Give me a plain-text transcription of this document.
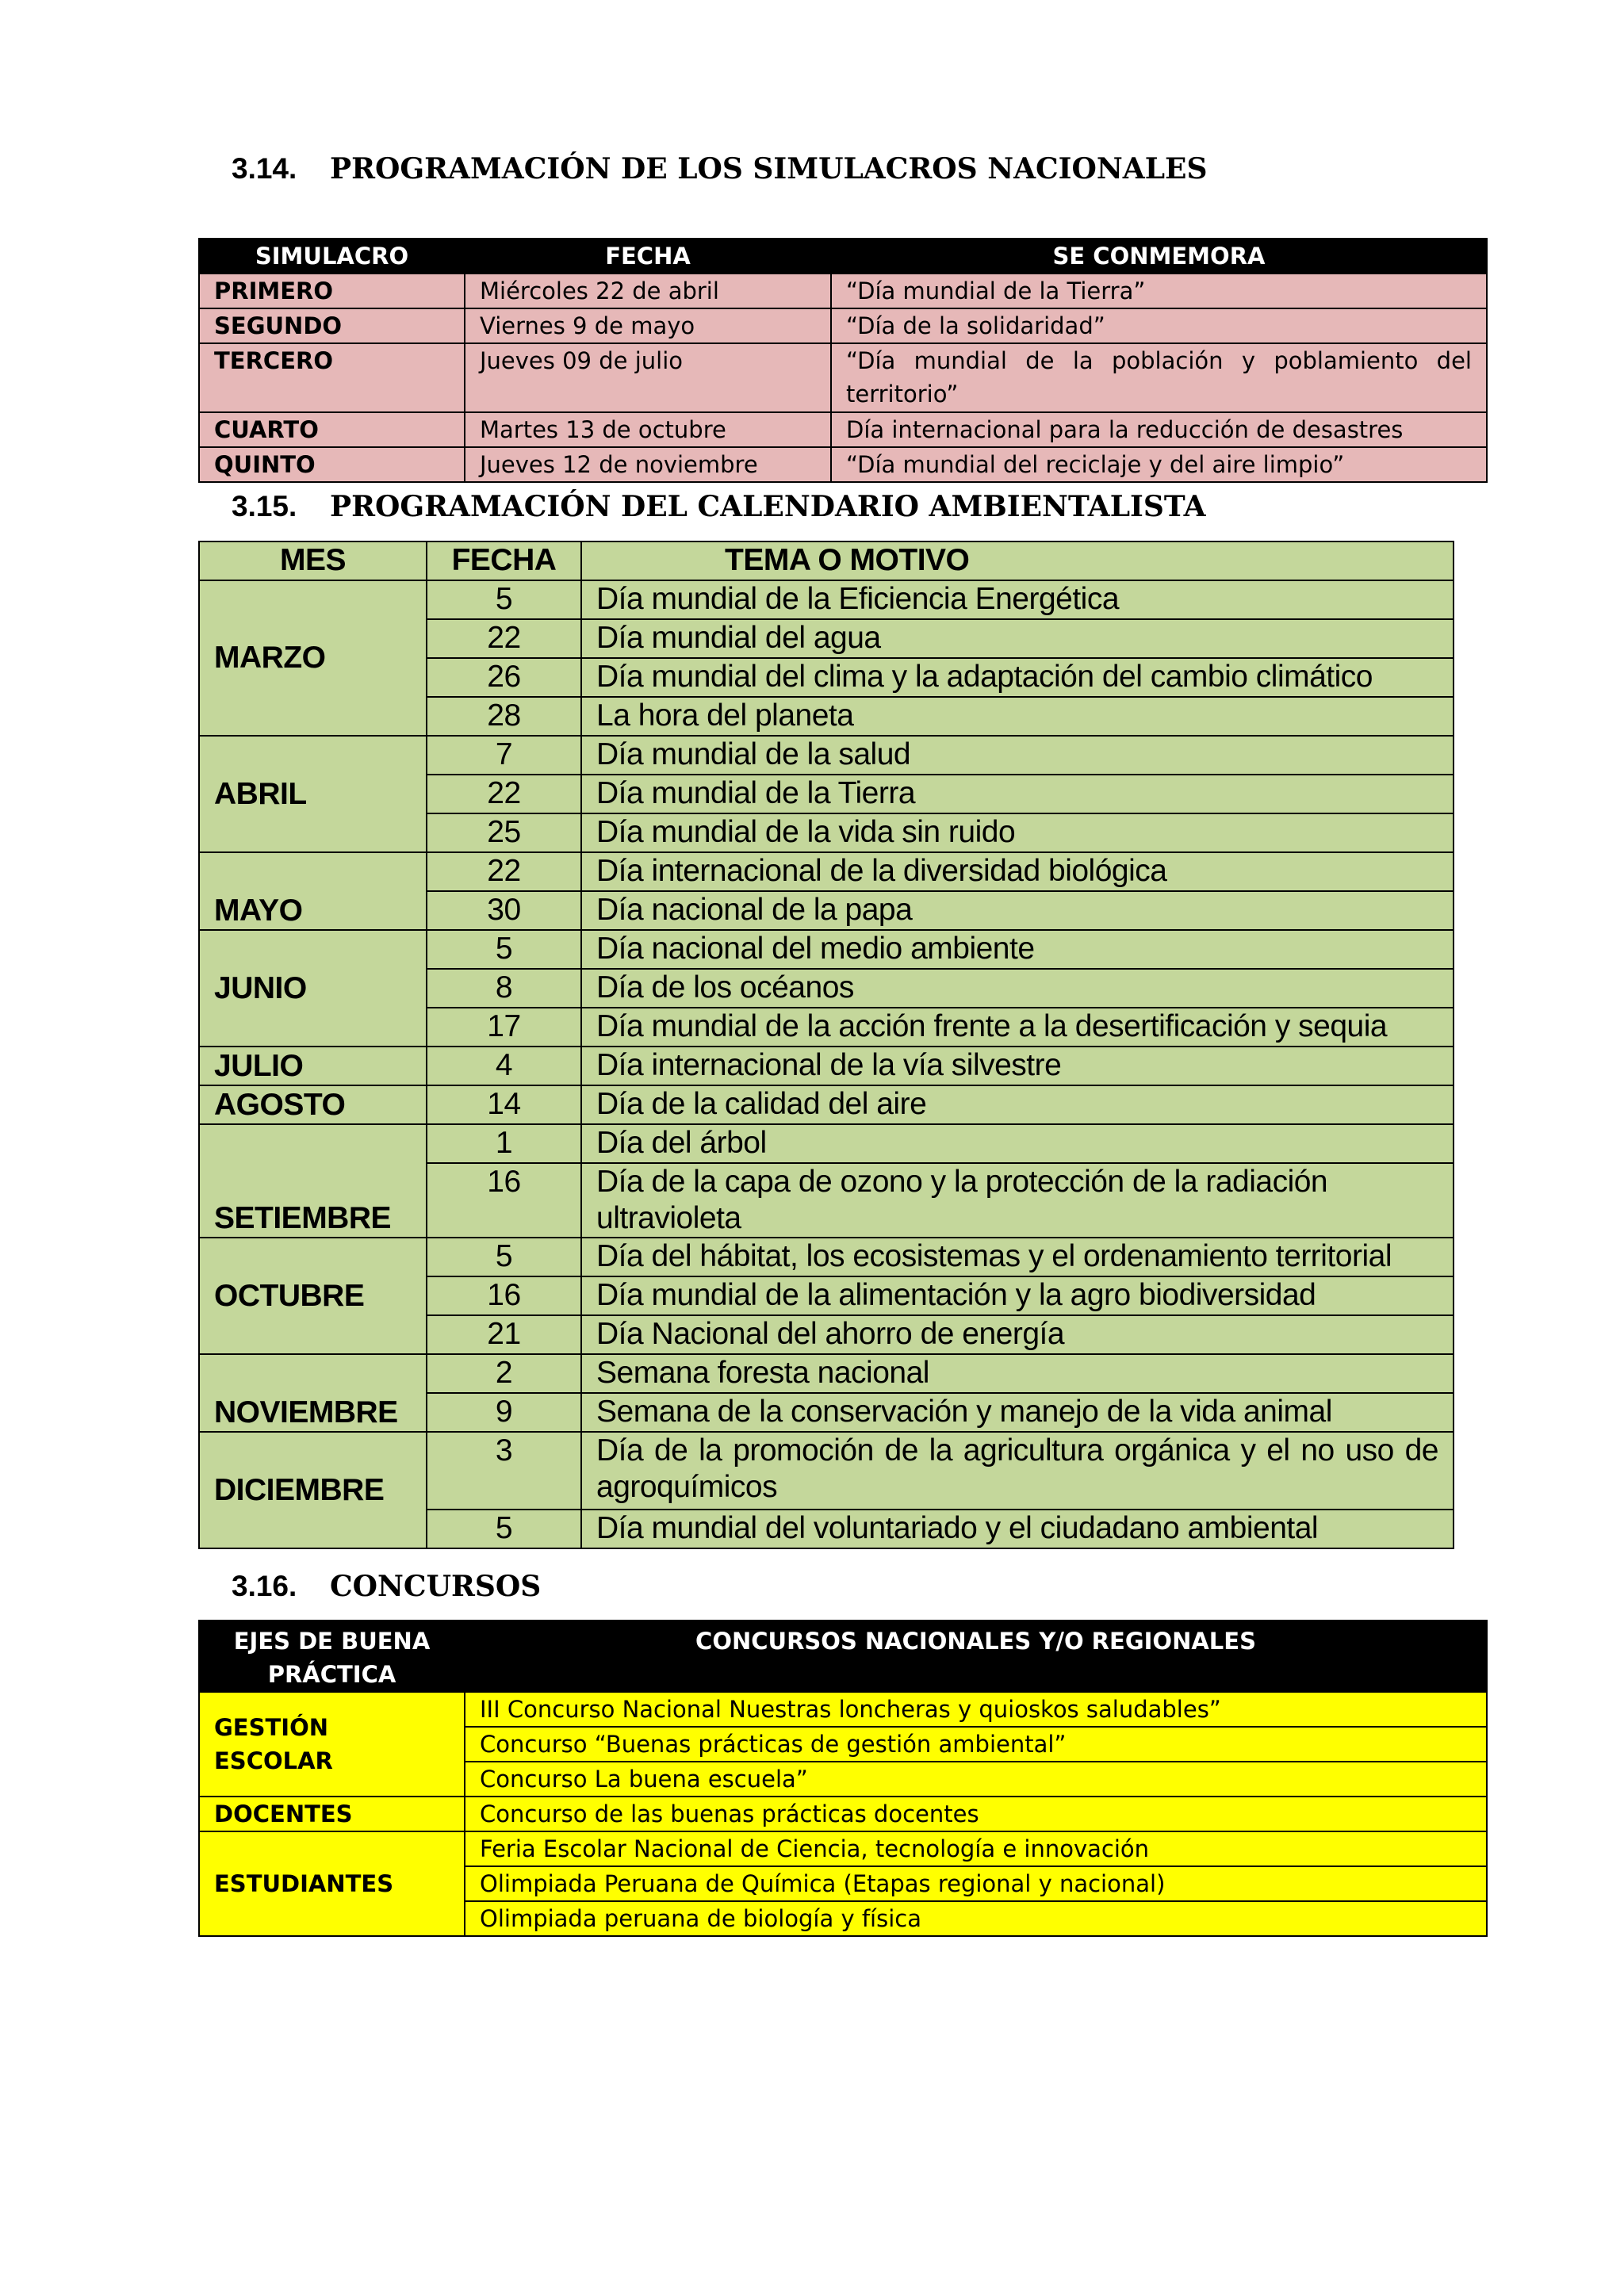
3.14. PROGRAMACIÓN DE LOS SIMULACROS NACIONALES
SIMULACRO	FECHA	SE CONMEMORA
PRIMERO	Miércoles 22 de abril	“Día mundial de la Tierra”
SEGUNDO	Viernes 9 de mayo	“Día de la solidaridad”
TERCERO	Jueves 09 de julio	“Día mundial de la población y poblamiento del territorio”
CUARTO	Martes 13 de octubre	Día internacional para la reducción de desastres
QUINTO	Jueves 12 de noviembre	“Día mundial del reciclaje y del aire limpio”
3.15. PROGRAMACIÓN DEL CALENDARIO AMBIENTALISTA
MES	FECHA	TEMA O MOTIVO
MARZO	5	Día mundial de la Eficiencia Energética
	22	Día mundial del agua
	26	Día mundial del clima y la adaptación del cambio climático
	28	La hora del planeta
ABRIL	7	Día mundial de la salud
	22	Día mundial de la Tierra
	25	Día mundial de la vida sin ruido
MAYO	22	Día internacional de la diversidad biológica
	30	Día nacional de la papa
JUNIO	5	Día nacional del medio ambiente
	8	Día de los océanos
	17	Día mundial de la acción frente a la desertificación y sequia
JULIO	4	Día internacional de la vía silvestre
AGOSTO	14	Día de la calidad del aire
SETIEMBRE	1	Día del árbol
	16	Día de la capa de ozono y la protección de la radiación ultravioleta
OCTUBRE	5	Día del hábitat, los ecosistemas y el ordenamiento territorial
	16	Día mundial de la alimentación y la agro biodiversidad
	21	Día Nacional del ahorro de energía
NOVIEMBRE	2	Semana foresta nacional
	9	Semana de la conservación y manejo de la vida animal
DICIEMBRE	3	Día de la promoción de la agricultura orgánica y el no uso de agroquímicos
	5	Día mundial del voluntariado y el ciudadano ambiental
3.16. CONCURSOS
EJES DE BUENA PRÁCTICA	CONCURSOS NACIONALES Y/O REGIONALES
GESTIÓN ESCOLAR	III Concurso Nacional Nuestras loncheras y quioskos saludables”
	Concurso “Buenas prácticas de gestión ambiental”
	Concurso La buena escuela”
DOCENTES	Concurso de las buenas prácticas docentes
ESTUDIANTES	Feria Escolar Nacional de Ciencia, tecnología e innovación
	Olimpiada Peruana de Química (Etapas regional y nacional)
	Olimpiada peruana de biología y física
